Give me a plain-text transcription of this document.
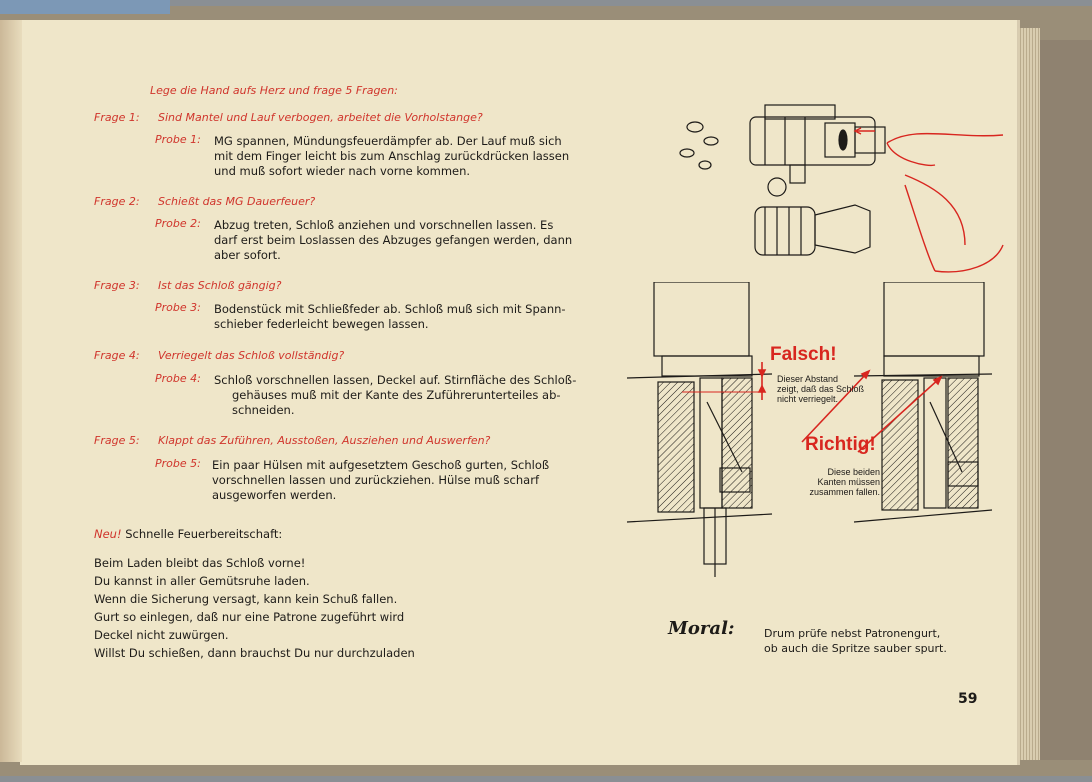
Lege die Hand aufs Herz und frage 5 Fragen:
Frage 1: Sind Mantel und Lauf verbogen, arbeitet die Vorholstange?
Probe 1: MG spannen, Mündungsfeuerdämpfer ab. Der Lauf muß sich
mit dem Finger leicht bis zum Anschlag zurückdrücken lassen
und muß sofort wieder nach vorne kommen.
Frage 2: Schießt das MG Dauerfeuer?
Probe 2: Abzug treten, Schloß anziehen und vorschnellen lassen. Es
darf erst beim Loslassen des Abzuges gefangen werden, dann
aber sofort.
Frage 3: Ist das Schloß gängig?
Probe 3: Bodenstück mit Schließfeder ab. Schloß muß sich mit Spann-
schieber federleicht bewegen lassen.
Frage 4: Verriegelt das Schloß vollständig?
Probe 4: Schloß vorschnellen lassen, Deckel auf. Stirnfläche des Schloß-
gehäuses muß mit der Kante des Zuführerunterteiles ab-
schneiden.
Frage 5: Klappt das Zuführen, Ausstoßen, Ausziehen und Auswerfen?
Probe 5: Ein paar Hülsen mit aufgesetztem Geschoß gurten, Schloß
vorschnellen lassen und zurückziehen. Hülse muß scharf
ausgeworfen werden.
Neu! Schnelle Feuerbereitschaft:
Beim Laden bleibt das Schloß vorne!
Du kannst in aller Gemütsruhe laden.
Wenn die Sicherung versagt, kann kein Schuß fallen.
Gurt so einlegen, daß nur eine Patrone zugeführt wird
Deckel nicht zuwürgen.
Willst Du schießen, dann brauchst Du nur durchzuladen
Falsch!
Dieser Abstand
zeigt, daß das Schloß
nicht verriegelt.
Richtig!
Diese beiden
Kanten müssen
zusammen fallen.
Moral:	Drum prüfe nebst Patronengurt,
ob auch die Spritze sauber spurt.
59
